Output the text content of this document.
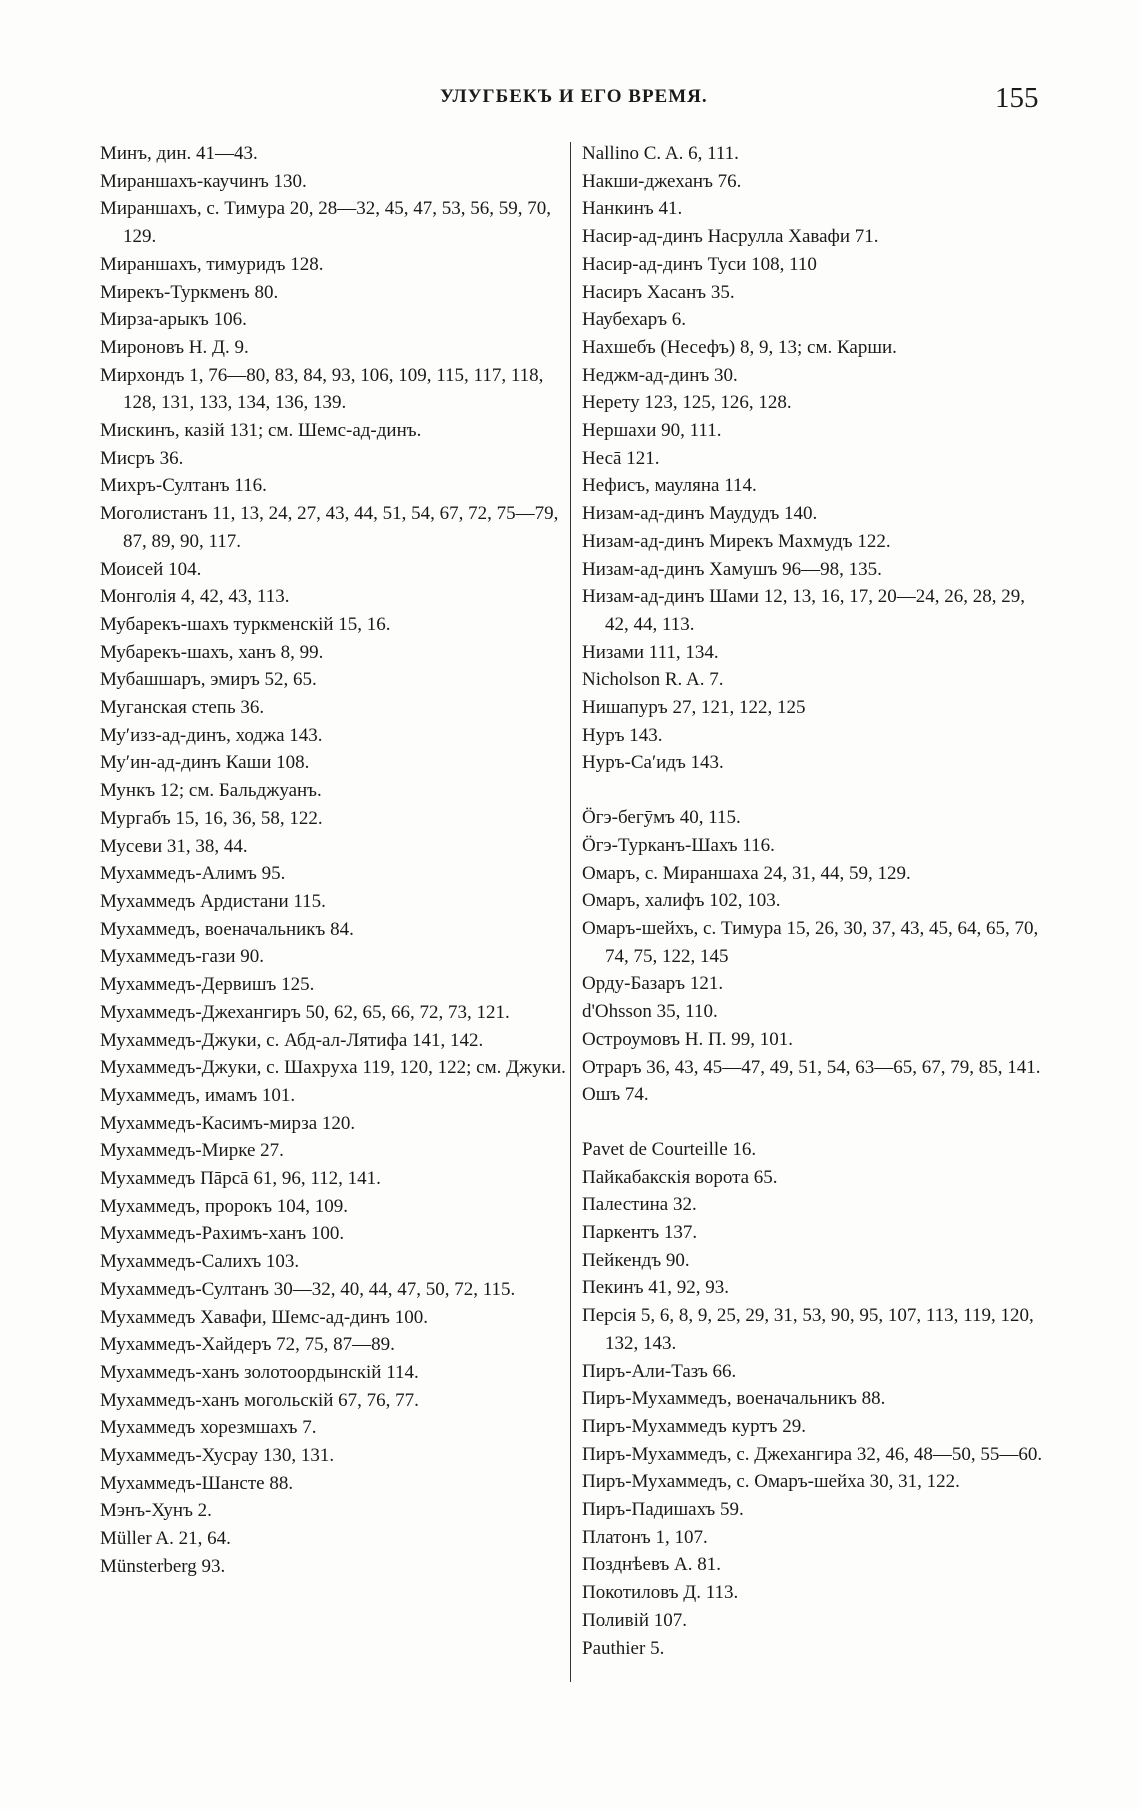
УЛУГБЕКЪ И ЕГО ВРЕМЯ.	155

Минъ, дин. 41—43.

Мираншахъ-каучинъ 130.

Мираншахъ, с. Тимура 20, 28—32, 45, 47, 53, 56, 59, 70, 129.

Мираншахъ, тимуридъ 128.

Мирекъ-Туркменъ 80.

Мирза-арыкъ 106.

Мироновъ Н. Д. 9.

Мирхондъ 1, 76—80, 83, 84, 93, 106, 109, 115, 117, 118, 128, 131, 133, 134, 136, 139.

Мискинъ, казій 131; см. Шемс-ад-динъ.

Мисръ 36.

Михръ-Султанъ 116.

Моголистанъ 11, 13, 24, 27, 43, 44, 51, 54, 67, 72, 75—79, 87, 89, 90, 117.

Моисей 104.

Монголія 4, 42, 43, 113.

Мубарекъ-шахъ туркменскій 15, 16.

Мубарекъ-шахъ, ханъ 8, 99.

Мубашшаръ, эмиръ 52, 65.

Муганская степь 36.

Муʹизз-ад-динъ, ходжа 143.

Муʹин-ад-динъ Каши 108.

Мункъ 12; см. Бальджуанъ.

Мургабъ 15, 16, 36, 58, 122.

Мусеви 31, 38, 44.

Мухаммедъ-Алимъ 95.

Мухаммедъ Ардистани 115.

Мухаммедъ, военачальникъ 84.

Мухаммедъ-гази 90.

Мухаммедъ-Дервишъ 125.

Мухаммедъ-Джехангиръ 50, 62, 65, 66, 72, 73, 121.

Мухаммедъ-Джуки, с. Абд-ал-Лятифа 141, 142.

Мухаммедъ-Джуки, с. Шахруха 119, 120, 122; см. Джуки.

Мухаммедъ, имамъ 101.

Мухаммедъ-Касимъ-мирза 120.

Мухаммедъ-Мирке 27.

Мухаммедъ Пāрсā 61, 96, 112, 141.

Мухаммедъ, пророкъ 104, 109.

Мухаммедъ-Рахимъ-ханъ 100.

Мухаммедъ-Салихъ 103.

Мухаммедъ-Султанъ 30—32, 40, 44, 47, 50, 72, 115.

Мухаммедъ Хавафи, Шемс-ад-динъ 100.

Мухаммедъ-Хайдеръ 72, 75, 87—89.

Мухаммедъ-ханъ золотоордынскій 114.

Мухаммедъ-ханъ могольскій 67, 76, 77.

Мухаммедъ хорезмшахъ 7.

Мухаммедъ-Хусрау 130, 131.

Мухаммедъ-Шансте 88.

Мэнъ-Хунъ 2.

Müller A. 21, 64.

Münsterberg 93.

Nallino C. A. 6, 111.

Накши-джеханъ 76.

Нанкинъ 41.

Насир-ад-динъ Насрулла Хавафи 71.

Насир-ад-динъ Туси 108, 110

Насиръ Хасанъ 35.

Наубехаръ 6.

Нахшебъ (Несефъ) 8, 9, 13; см. Карши.

Неджм-ад-динъ 30.

Нерету 123, 125, 126, 128.

Нершахи 90, 111.

Несā 121.

Нефисъ, мауляна 114.

Низам-ад-динъ Маудудъ 140.

Низам-ад-динъ Мирекъ Махмудъ 122.

Низам-ад-динъ Хамушъ 96—98, 135.

Низам-ад-динъ Шами 12, 13, 16, 17, 20—24, 26, 28, 29, 42, 44, 113.

Низами 111, 134.

Nicholson R. A. 7.

Нишапуръ 27, 121, 122, 125

Нуръ 143.

Нуръ-Саʹидъ 143.

Ӧгэ-бегӯмъ 40, 115.

Ӧгэ-Турканъ-Шахъ 116.

Омаръ, с. Мираншаха 24, 31, 44, 59, 129.

Омаръ, халифъ 102, 103.

Омаръ-шейхъ, с. Тимура 15, 26, 30, 37, 43, 45, 64, 65, 70, 74, 75, 122, 145

Орду-Базаръ 121.

d'Ohsson 35, 110.

Остроумовъ Н. П. 99, 101.

Отраръ 36, 43, 45—47, 49, 51, 54, 63—65, 67, 79, 85, 141.

Ошъ 74.

Pavet de Courteille 16.

Пайкабакскія ворота 65.

Палестина 32.

Паркентъ 137.

Пейкендъ 90.

Пекинъ 41, 92, 93.

Персія 5, 6, 8, 9, 25, 29, 31, 53, 90, 95, 107, 113, 119, 120, 132, 143.

Пиръ-Али-Тазъ 66.

Пиръ-Мухаммедъ, военачальникъ 88.

Пиръ-Мухаммедъ куртъ 29.

Пиръ-Мухаммедъ, с. Джехангира 32, 46, 48—50, 55—60.

Пиръ-Мухаммедъ, с. Омаръ-шейха 30, 31, 122.

Пиръ-Падишахъ 59.

Платонъ 1, 107.

Позднѣевъ А. 81.

Покотиловъ Д. 113.

Поливій 107.

Pauthier 5.
